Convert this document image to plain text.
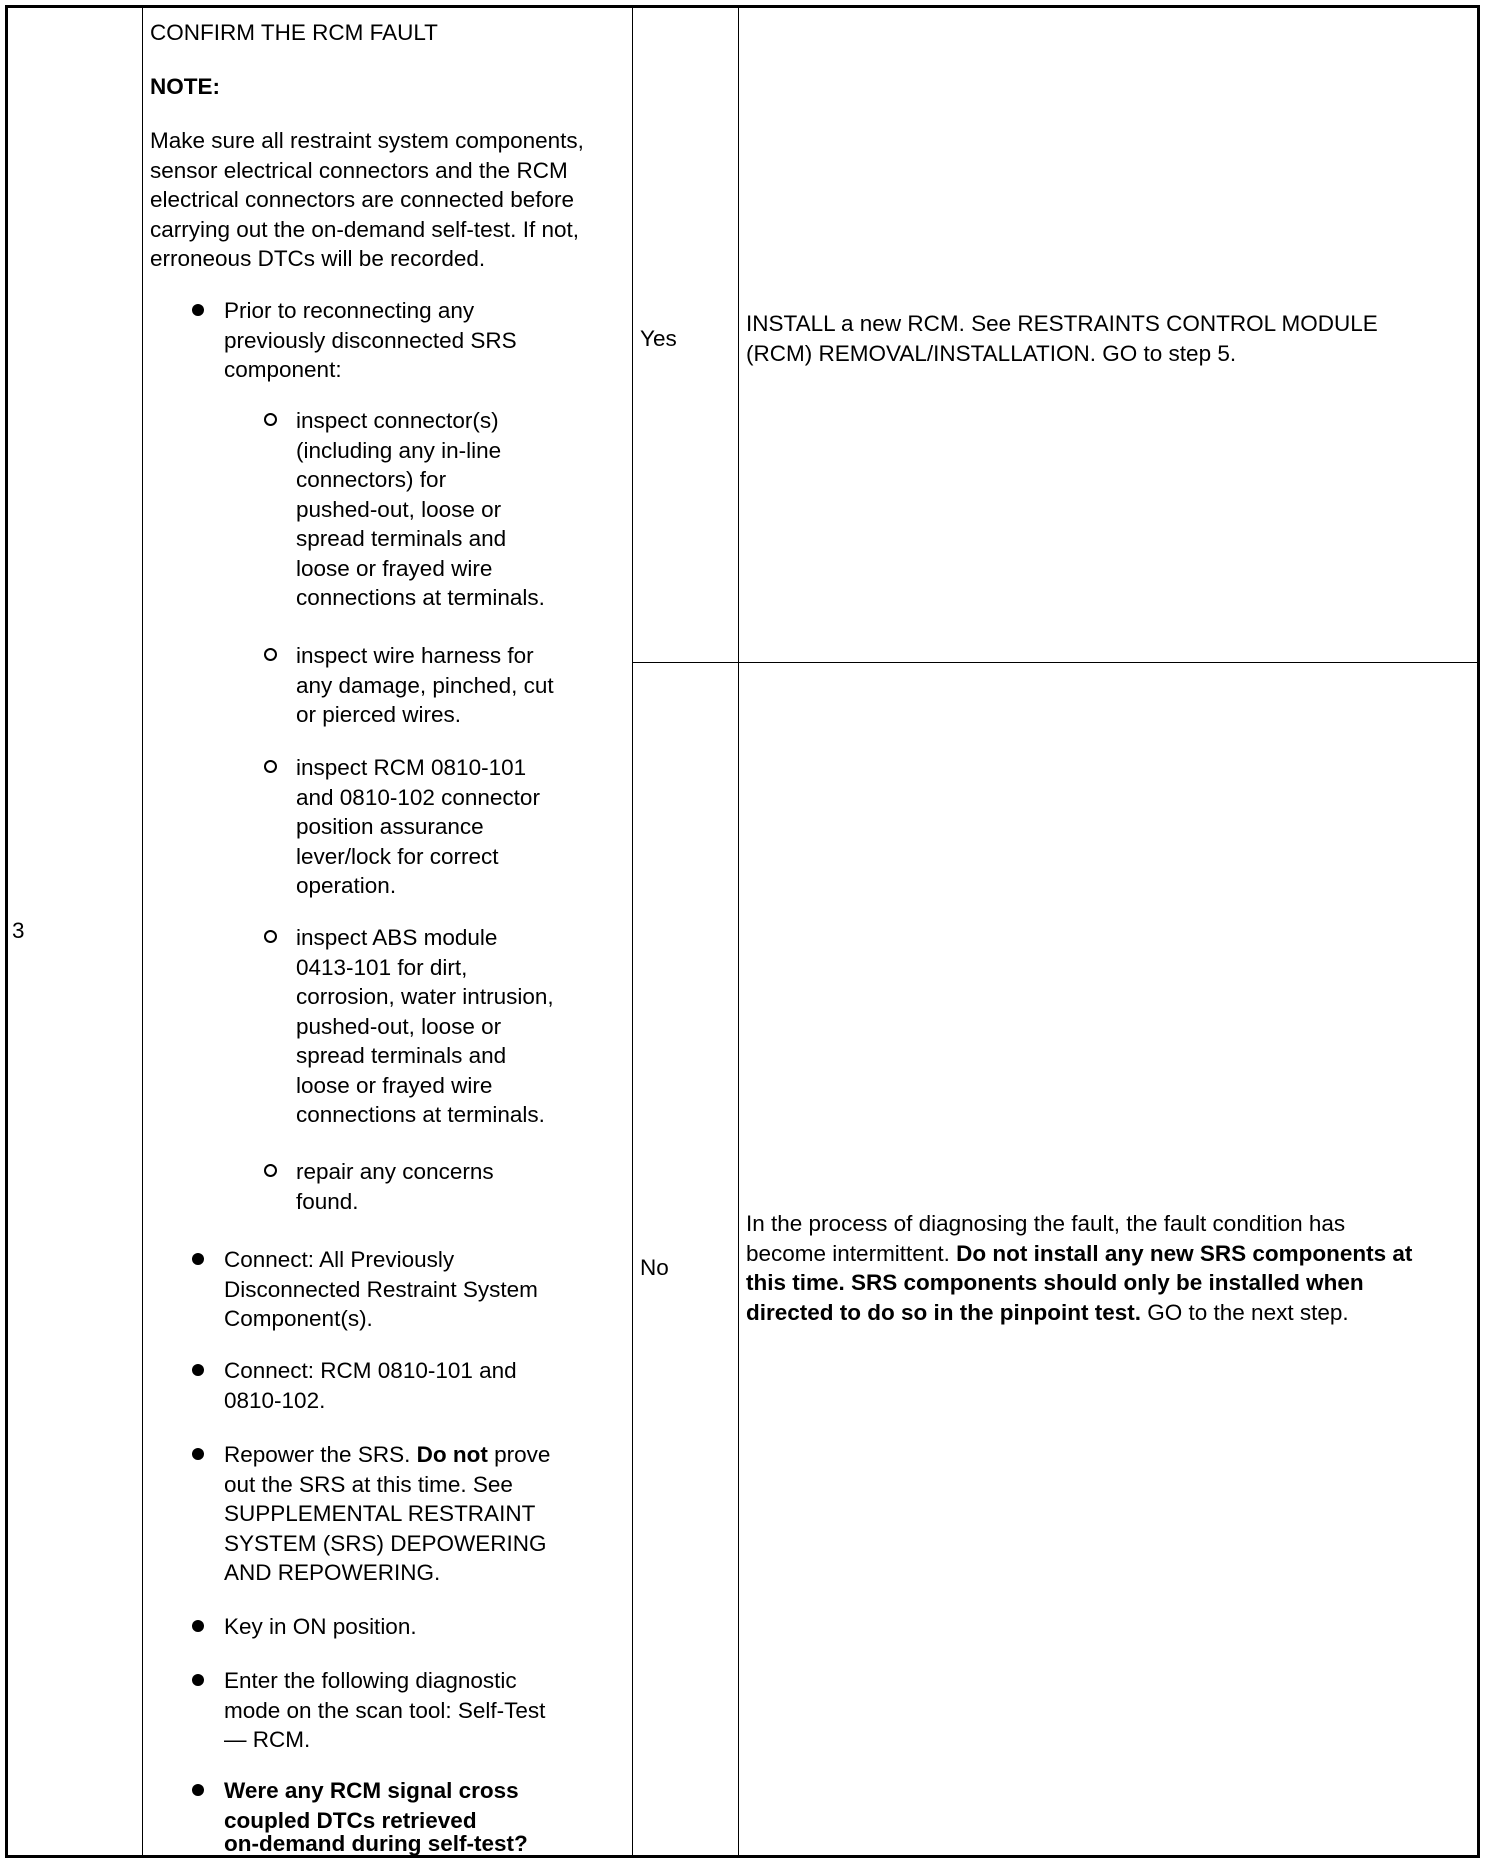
3
CONFIRM THE RCM FAULT
NOTE:
Make sure all restraint system components,
sensor electrical connectors and the RCM
electrical connectors are connected before
carrying out the on-demand self-test. If not,
erroneous DTCs will be recorded.
Prior to reconnecting any
previously disconnected SRS
component:
inspect connector(s)
(including any in-line
connectors) for
pushed-out, loose or
spread terminals and
loose or frayed wire
connections at terminals.
inspect wire harness for
any damage, pinched, cut
or pierced wires.
inspect RCM 0810-101
and 0810-102 connector
position assurance
lever/lock for correct
operation.
inspect ABS module
0413-101 for dirt,
corrosion, water intrusion,
pushed-out, loose or
spread terminals and
loose or frayed wire
connections at terminals.
repair any concerns
found.
Connect: All Previously
Disconnected Restraint System
Component(s).
Connect: RCM 0810-101 and
0810-102.
Repower the SRS. Do not prove
out the SRS at this time. See
SUPPLEMENTAL RESTRAINT
SYSTEM (SRS) DEPOWERING
AND REPOWERING.
Key in ON position.
Enter the following diagnostic
mode on the scan tool: Self-Test
— RCM.
Were any RCM signal cross
coupled DTCs retrieved
on-demand during self-test?
Yes
INSTALL a new RCM. See RESTRAINTS CONTROL MODULE
(RCM) REMOVAL/INSTALLATION. GO to step 5.
No
In the process of diagnosing the fault, the fault condition has
become intermittent. Do not install any new SRS components at
this time. SRS components should only be installed when
directed to do so in the pinpoint test. GO to the next step.
